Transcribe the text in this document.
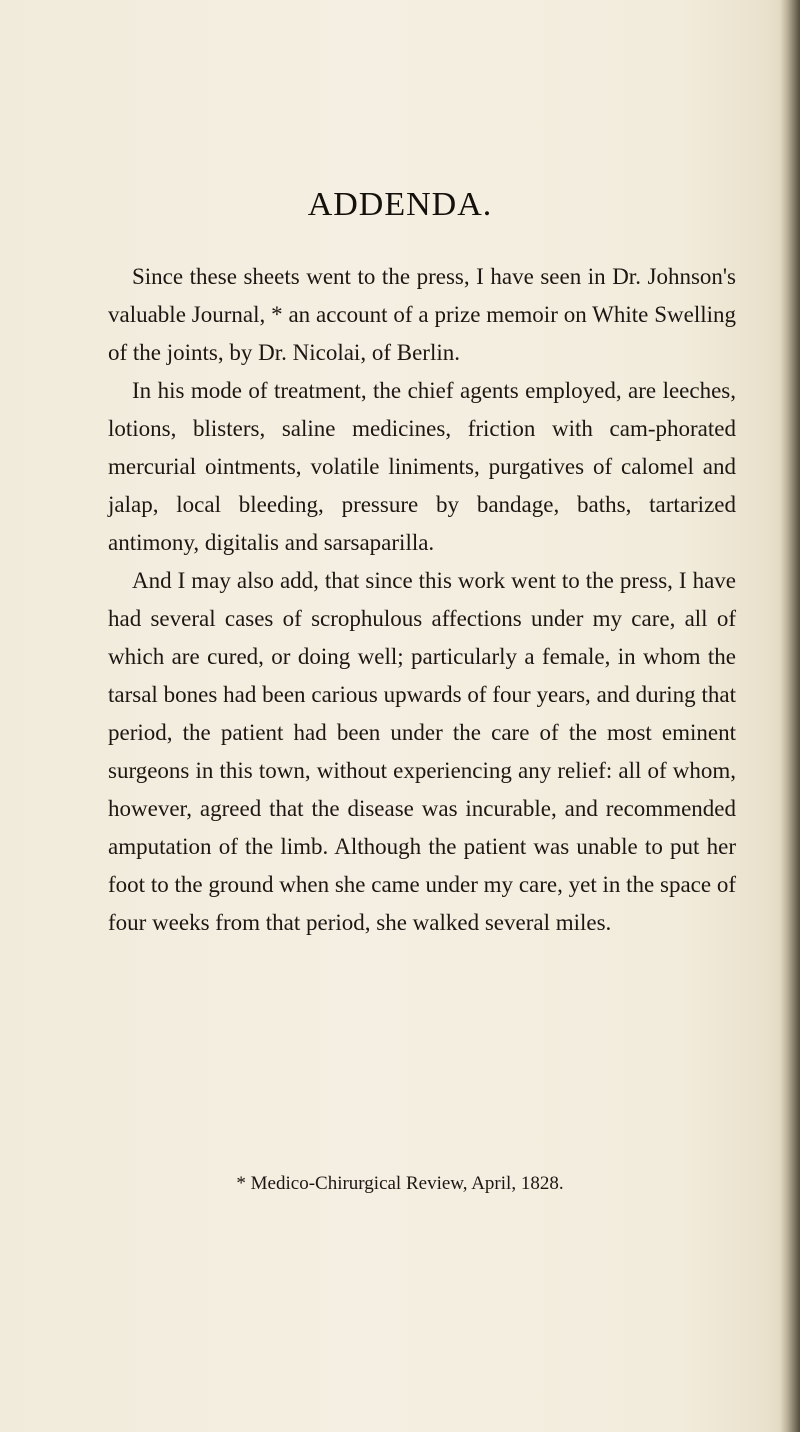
ADDENDA.

Since these sheets went to the press, I have seen in Dr. Johnson's valuable Journal, * an account of a prize memoir on White Swelling of the joints, by Dr. Nicolai, of Berlin.

In his mode of treatment, the chief agents employed, are leeches, lotions, blisters, saline medicines, friction with cam-phorated mercurial ointments, volatile liniments, purgatives of calomel and jalap, local bleeding, pressure by bandage, baths, tartarized antimony, digitalis and sarsaparilla.

And I may also add, that since this work went to the press, I have had several cases of scrophulous affections under my care, all of which are cured, or doing well; particularly a female, in whom the tarsal bones had been carious upwards of four years, and during that period, the patient had been under the care of the most eminent surgeons in this town, without experiencing any relief: all of whom, however, agreed that the disease was incurable, and recommended amputation of the limb. Although the patient was unable to put her foot to the ground when she came under my care, yet in the space of four weeks from that period, she walked several miles.

* Medico-Chirurgical Review, April, 1828.
